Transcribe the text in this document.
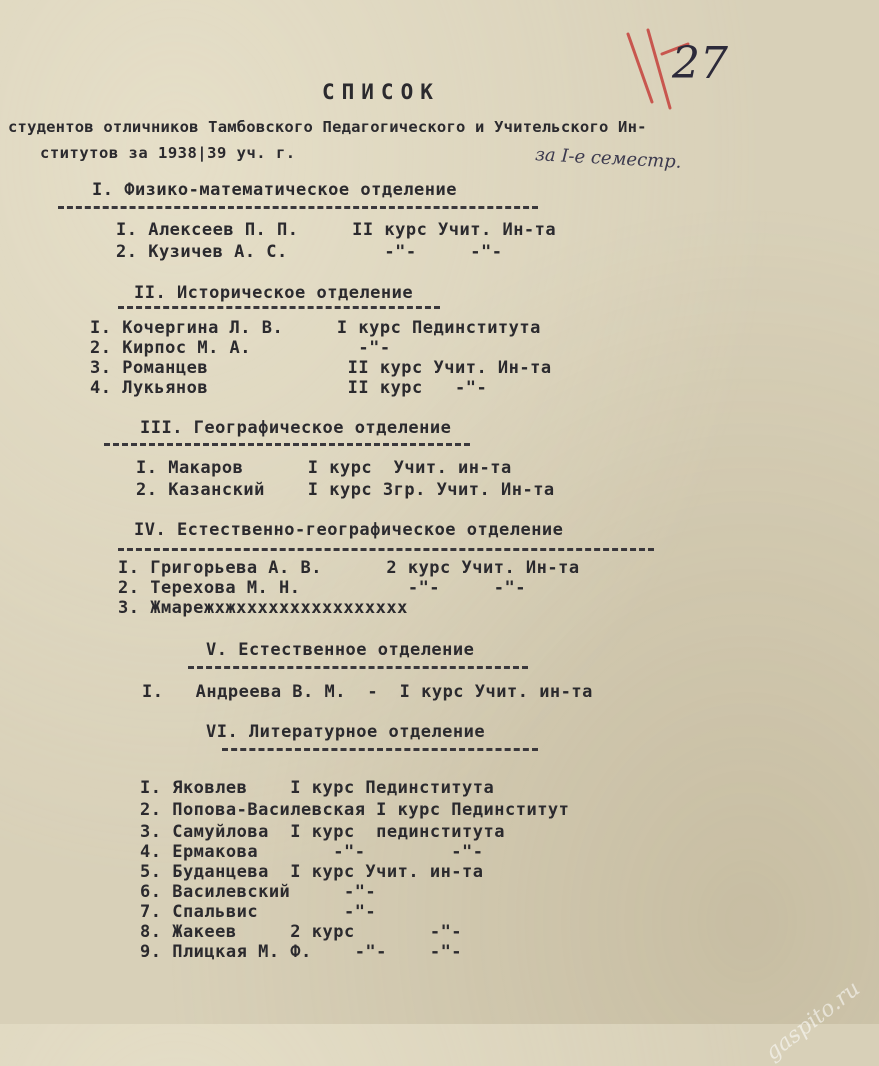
27
СПИСОК
студентов отличников Тамбовского Педагогического и Учительского Ин-
ститутов за 1938|39 уч. г.	за I-е семестр.
I. Физико-математическое отделение
I. Алексеев П. П.     II курс Учит. Ин-та
2. Кузичев А. С.         -"-     -"-
II. Историческое отделение
I. Кочергина Л. В.     I курс Пединститута
2. Кирпос М. А.          -"-
3. Романцев             II курс Учит. Ин-та
4. Лукьянов             II курс   -"-
III. Географическое отделение
I. Макаров      I курс  Учит. ин-та
2. Казанский    I курс Згр. Учит. Ин-та
IV. Естественно-географическое отделение
I. Григорьева А. В.      2 курс Учит. Ин-та
2. Терехова М. Н.          -"-     -"-
3. Жмарежхжхххххххххххххххх
V. Естественное отделение
I.   Андреева В. М.  -  I курс Учит. ин-та
VI. Литературное отделение
I. Яковлев    I курс Пединститута
2. Попова-Василевская I курс Пединститут
3. Самуйлова  I курс  пединститута
4. Ермакова       -"-        -"-
5. Буданцева  I курс Учит. ин-та
6. Василевский     -"-
7. Спальвис        -"-
8. Жакеев     2 курс       -"-
9. Плицкая М. Ф.    -"-    -"-
gaspito.ru
